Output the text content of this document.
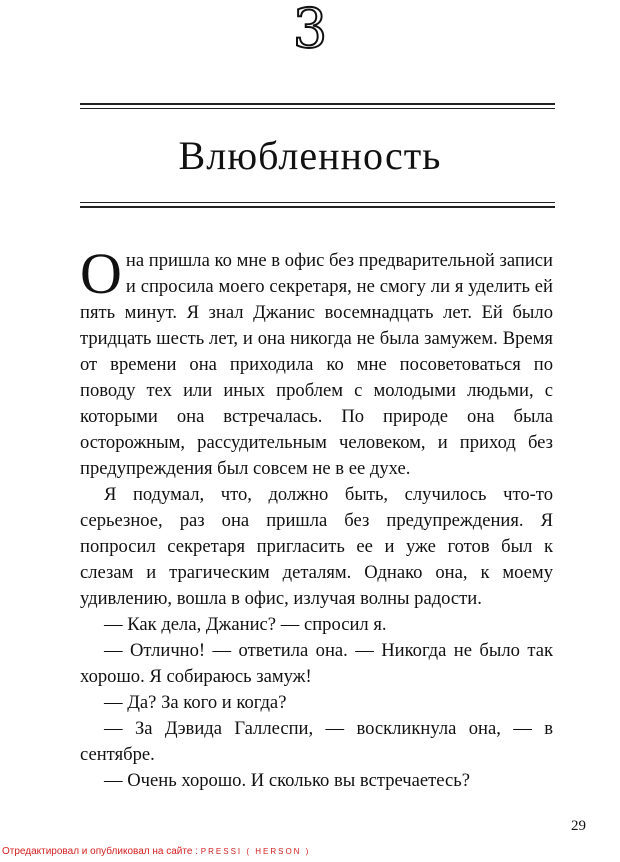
3
Влюбленность

Она пришла ко мне в офис без предварительной записи и спросила моего секретаря, не смогу ли я уделить ей пять минут. Я знал Джанис восемнадцать лет. Ей было тридцать шесть лет, и она никогда не была замужем. Время от времени она приходила ко мне посоветоваться по поводу тех или иных проблем с молодыми людьми, с которыми она встречалась. По природе она была осторожным, рассудительным человеком, и приход без предупреждения был совсем не в ее духе.

Я подумал, что, должно быть, случилось что-то серьезное, раз она пришла без предупреждения. Я попросил секретаря пригласить ее и уже готов был к слезам и трагическим деталям. Однако она, к моему удивлению, вошла в офис, излучая волны радости.

— Как дела, Джанис? — спросил я.

— Отлично! — ответила она. — Никогда не было так хорошо. Я собираюсь замуж!

— Да? За кого и когда?

— За Дэвида Галлеспи, — воскликнула она, — в сентябре.

— Очень хорошо. И сколько вы встречаетесь?

29
Отредактировал и опубликовал на сайте : PRESSI ( HERSON )
